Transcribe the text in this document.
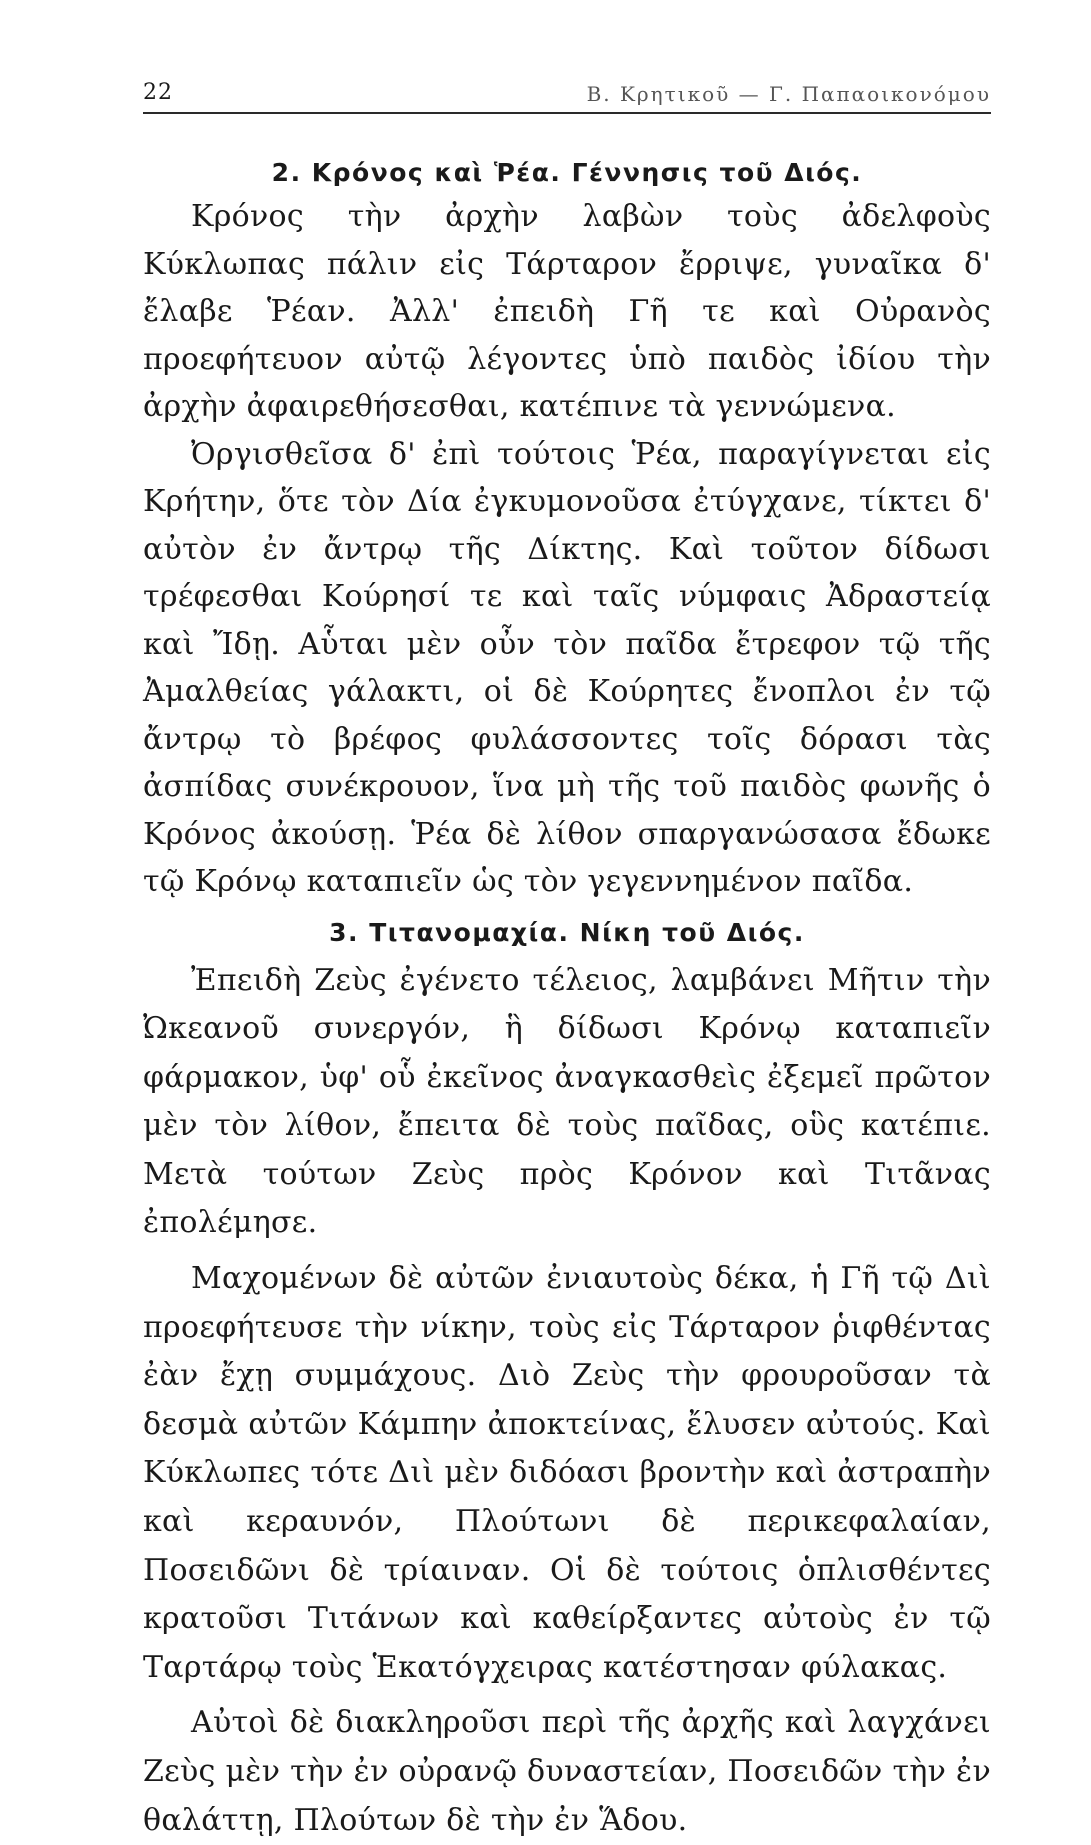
22	Β. Κρητικοῦ — Γ. Παπαοικονόμου
2. Κρόνος καὶ Ῥέα. Γέννησις τοῦ Διός.

Κρόνος τὴν ἀρχὴν λαβὼν τοὺς ἀδελφοὺς Κύκλωπας πάλιν εἰς Τάρταρον ἔρριψε, γυναῖκα δ' ἔλαβε Ῥέαν. Ἀλλ' ἐπειδὴ Γῆ τε καὶ Οὐρανὸς προεφήτευον αὐτῷ λέγοντες ὑπὸ παιδὸς ἰδίου τὴν ἀρχὴν ἀφαιρεθήσεσθαι, κατέπινε τὰ γεννώμενα.

Ὀργισθεῖσα δ' ἐπὶ τούτοις Ῥέα, παραγίγνεται εἰς Κρήτην, ὅτε τὸν Δία ἐγκυμονοῦσα ἐτύγχανε, τίκτει δ' αὐτὸν ἐν ἄντρῳ τῆς Δίκτης. Καὶ τοῦτον δίδωσι τρέφεσθαι Κούρησί τε καὶ ταῖς νύμφαις Ἀδραστείᾳ καὶ Ἴδῃ. Αὗται μὲν οὖν τὸν παῖδα ἔτρεφον τῷ τῆς Ἀμαλθείας γάλακτι, οἱ δὲ Κούρητες ἔνοπλοι ἐν τῷ ἄντρῳ τὸ βρέφος φυλάσσοντες τοῖς δόρασι τὰς ἀσπίδας συνέκρουον, ἵνα μὴ τῆς τοῦ παιδὸς φωνῆς ὁ Κρόνος ἀκούσῃ. Ῥέα δὲ λίθον σπαργανώσασα ἔδωκε τῷ Κρόνῳ καταπιεῖν ὡς τὸν γεγεννημένον παῖδα.

3. Τιτανομαχία. Νίκη τοῦ Διός.

Ἐπειδὴ Ζεὺς ἐγένετο τέλειος, λαμβάνει Μῆτιν τὴν Ὠκεανοῦ συνεργόν, ἣ δίδωσι Κρόνῳ καταπιεῖν φάρμακον, ὑφ' οὗ ἐκεῖνος ἀναγκασθεὶς ἐξεμεῖ πρῶτον μὲν τὸν λίθον, ἔπειτα δὲ τοὺς παῖδας, οὓς κατέπιε. Μετὰ τούτων Ζεὺς πρὸς Κρόνον καὶ Τιτᾶνας ἐπολέμησε.

Μαχομένων δὲ αὐτῶν ἐνιαυτοὺς δέκα, ἡ Γῆ τῷ Διὶ προεφήτευσε τὴν νίκην, τοὺς εἰς Τάρταρον ῥιφθέντας ἐὰν ἔχῃ συμμάχους. Διὸ Ζεὺς τὴν φρουροῦσαν τὰ δεσμὰ αὐτῶν Κάμπην ἀποκτείνας, ἔλυσεν αὐτούς. Καὶ Κύκλωπες τότε Διὶ μὲν διδόασι βροντὴν καὶ ἀστραπὴν καὶ κεραυνόν, Πλούτωνι δὲ περικεφαλαίαν, Ποσειδῶνι δὲ τρίαιναν. Οἱ δὲ τούτοις ὁπλισθέντες κρατοῦσι Τιτάνων καὶ καθείρξαντες αὐτοὺς ἐν τῷ Ταρτάρῳ τοὺς Ἑκατόγχειρας κατέστησαν φύλακας.

Αὐτοὶ δὲ διακληροῦσι περὶ τῆς ἀρχῆς καὶ λαγχάνει Ζεὺς μὲν τὴν ἐν οὐρανῷ δυναστείαν, Ποσειδῶν τὴν ἐν θαλάττῃ, Πλούτων δὲ τὴν ἐν Ἅδου.
